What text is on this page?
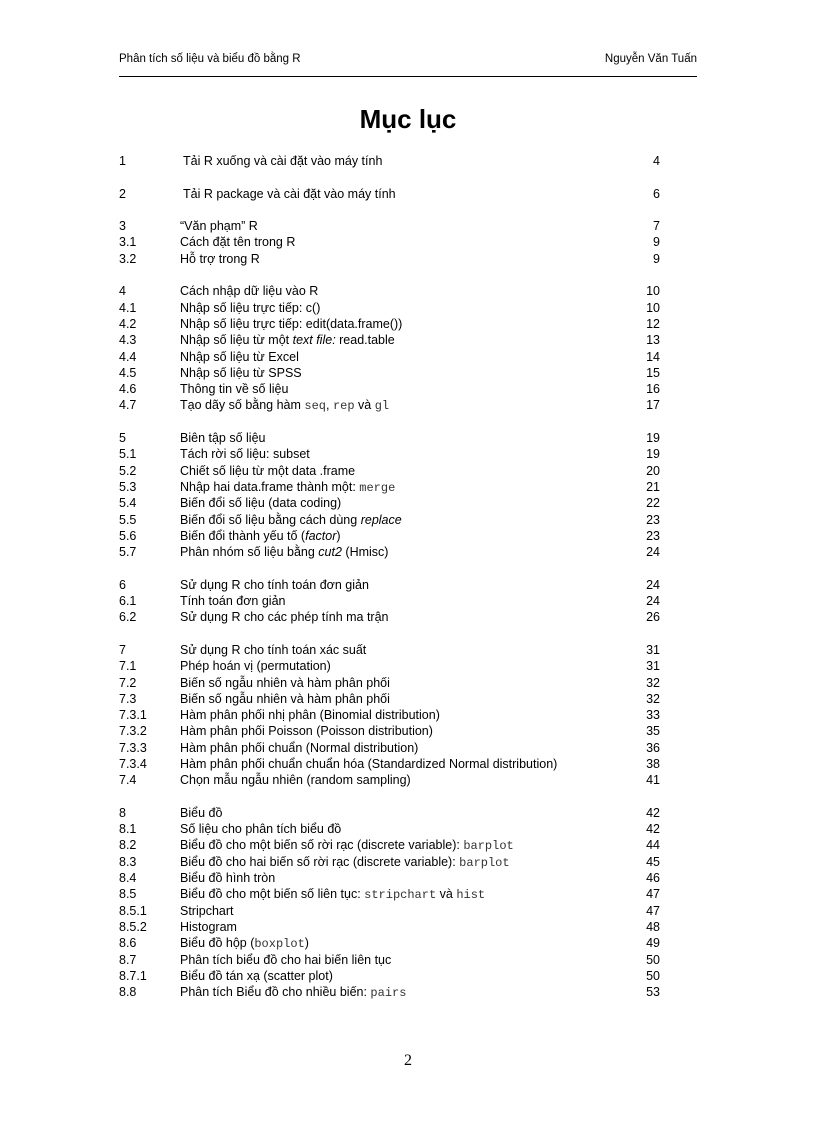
Phân tích số liệu và biểu đồ bằng R	Nguyễn Văn Tuấn
Mục lục
1	Tải R xuống và cài đặt vào máy tính	4
2	Tải R package và cài đặt vào máy tính	6
3	“Văn phạm” R	7
3.1	Cách đặt tên trong R	9
3.2	Hỗ trợ trong R	9
4	Cách nhập dữ liệu vào R	10
4.1	Nhập số liệu trực tiếp: c()	10
4.2	Nhập số liệu trực tiếp: edit(data.frame())	12
4.3	Nhập số liệu từ một text file: read.table	13
4.4	Nhập số liệu từ Excel	14
4.5	Nhập số liệu từ SPSS	15
4.6	Thông tin về số liệu	16
4.7	Tạo dãy số bằng hàm seq, rep và gl	17
5	Biên tập số liệu	19
5.1	Tách rời số liệu: subset	19
5.2	Chiết số liệu từ một data .frame	20
5.3	Nhập hai data.frame thành một: merge	21
5.4	Biến đổi số liệu (data coding)	22
5.5	Biến đổi số liệu bằng cách dùng replace	23
5.6	Biến đổi thành yếu tố (factor)	23
5.7	Phân nhóm số liệu bằng cut2 (Hmisc)	24
6	Sử dụng R cho tính toán đơn giản	24
6.1	Tính toán đơn giản	24
6.2	Sử dụng R cho các phép tính ma trận	26
7	Sử dụng R cho tính toán xác suất	31
7.1	Phép hoán vị (permutation)	31
7.2	Biến số ngẫu nhiên và hàm phân phối	32
7.3	Biến số ngẫu nhiên và hàm phân phối	32
7.3.1	Hàm phân phối nhị phân (Binomial distribution)	33
7.3.2	Hàm phân phối Poisson (Poisson distribution)	35
7.3.3	Hàm phân phối chuẩn (Normal distribution)	36
7.3.4	Hàm phân phối chuẩn chuẩn hóa (Standardized Normal distribution)	38
7.4	Chọn mẫu ngẫu nhiên (random sampling)	41
8	Biểu đồ	42
8.1	Số liệu cho phân tích biểu đồ	42
8.2	Biểu đồ cho một biến số rời rạc (discrete variable): barplot	44
8.3	Biểu đồ cho hai biến số rời rạc (discrete variable): barplot	45
8.4	Biểu đồ hình tròn	46
8.5	Biểu đồ cho một biến số liên tục: stripchart và hist	47
8.5.1	Stripchart	47
8.5.2	Histogram	48
8.6	Biểu đồ hộp (boxplot)	49
8.7	Phân tích biểu đồ cho hai biến liên tục	50
8.7.1	Biểu đồ tán xạ (scatter plot)	50
8.8	Phân tích Biểu đồ cho nhiều biến: pairs	53
2
